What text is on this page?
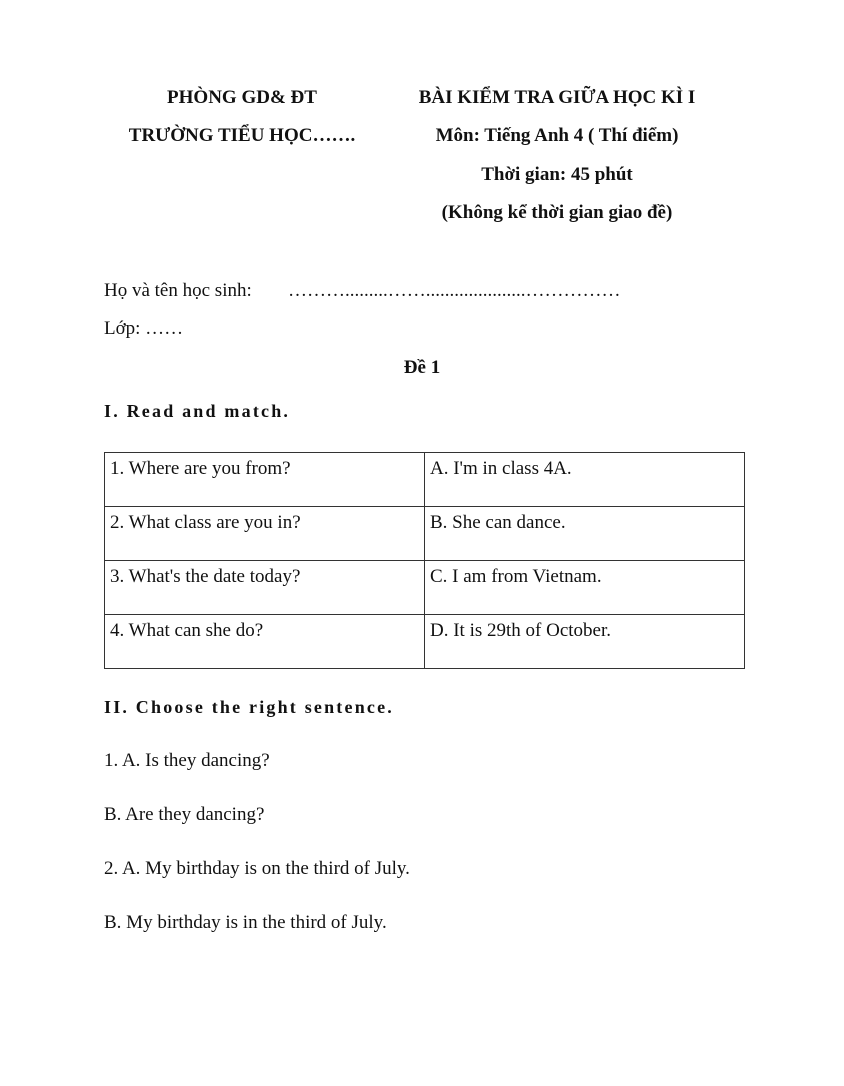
PHÒNG GD& ĐT
TRƯỜNG TIỂU HỌC…….
BÀI KIỂM TRA GIỮA HỌC KÌ I
Môn: Tiếng Anh 4 ( Thí điểm)
Thời gian: 45 phút
(Không kể thời gian giao đề)
Họ và tên học sinh: ……….........…….....................……………
Lớp: ……
Đề 1
I. Read and match.
1. Where are you from?	A. I'm in class 4A.
2. What class are you in?	B. She can dance.
3. What's the date today?	C. I am from Vietnam.
4. What can she do?	D. It is 29th of October.
II. Choose the right sentence.
1. A. Is they dancing?
B. Are they dancing?
2. A. My birthday is on the third of July.
B. My birthday is in the third of July.
